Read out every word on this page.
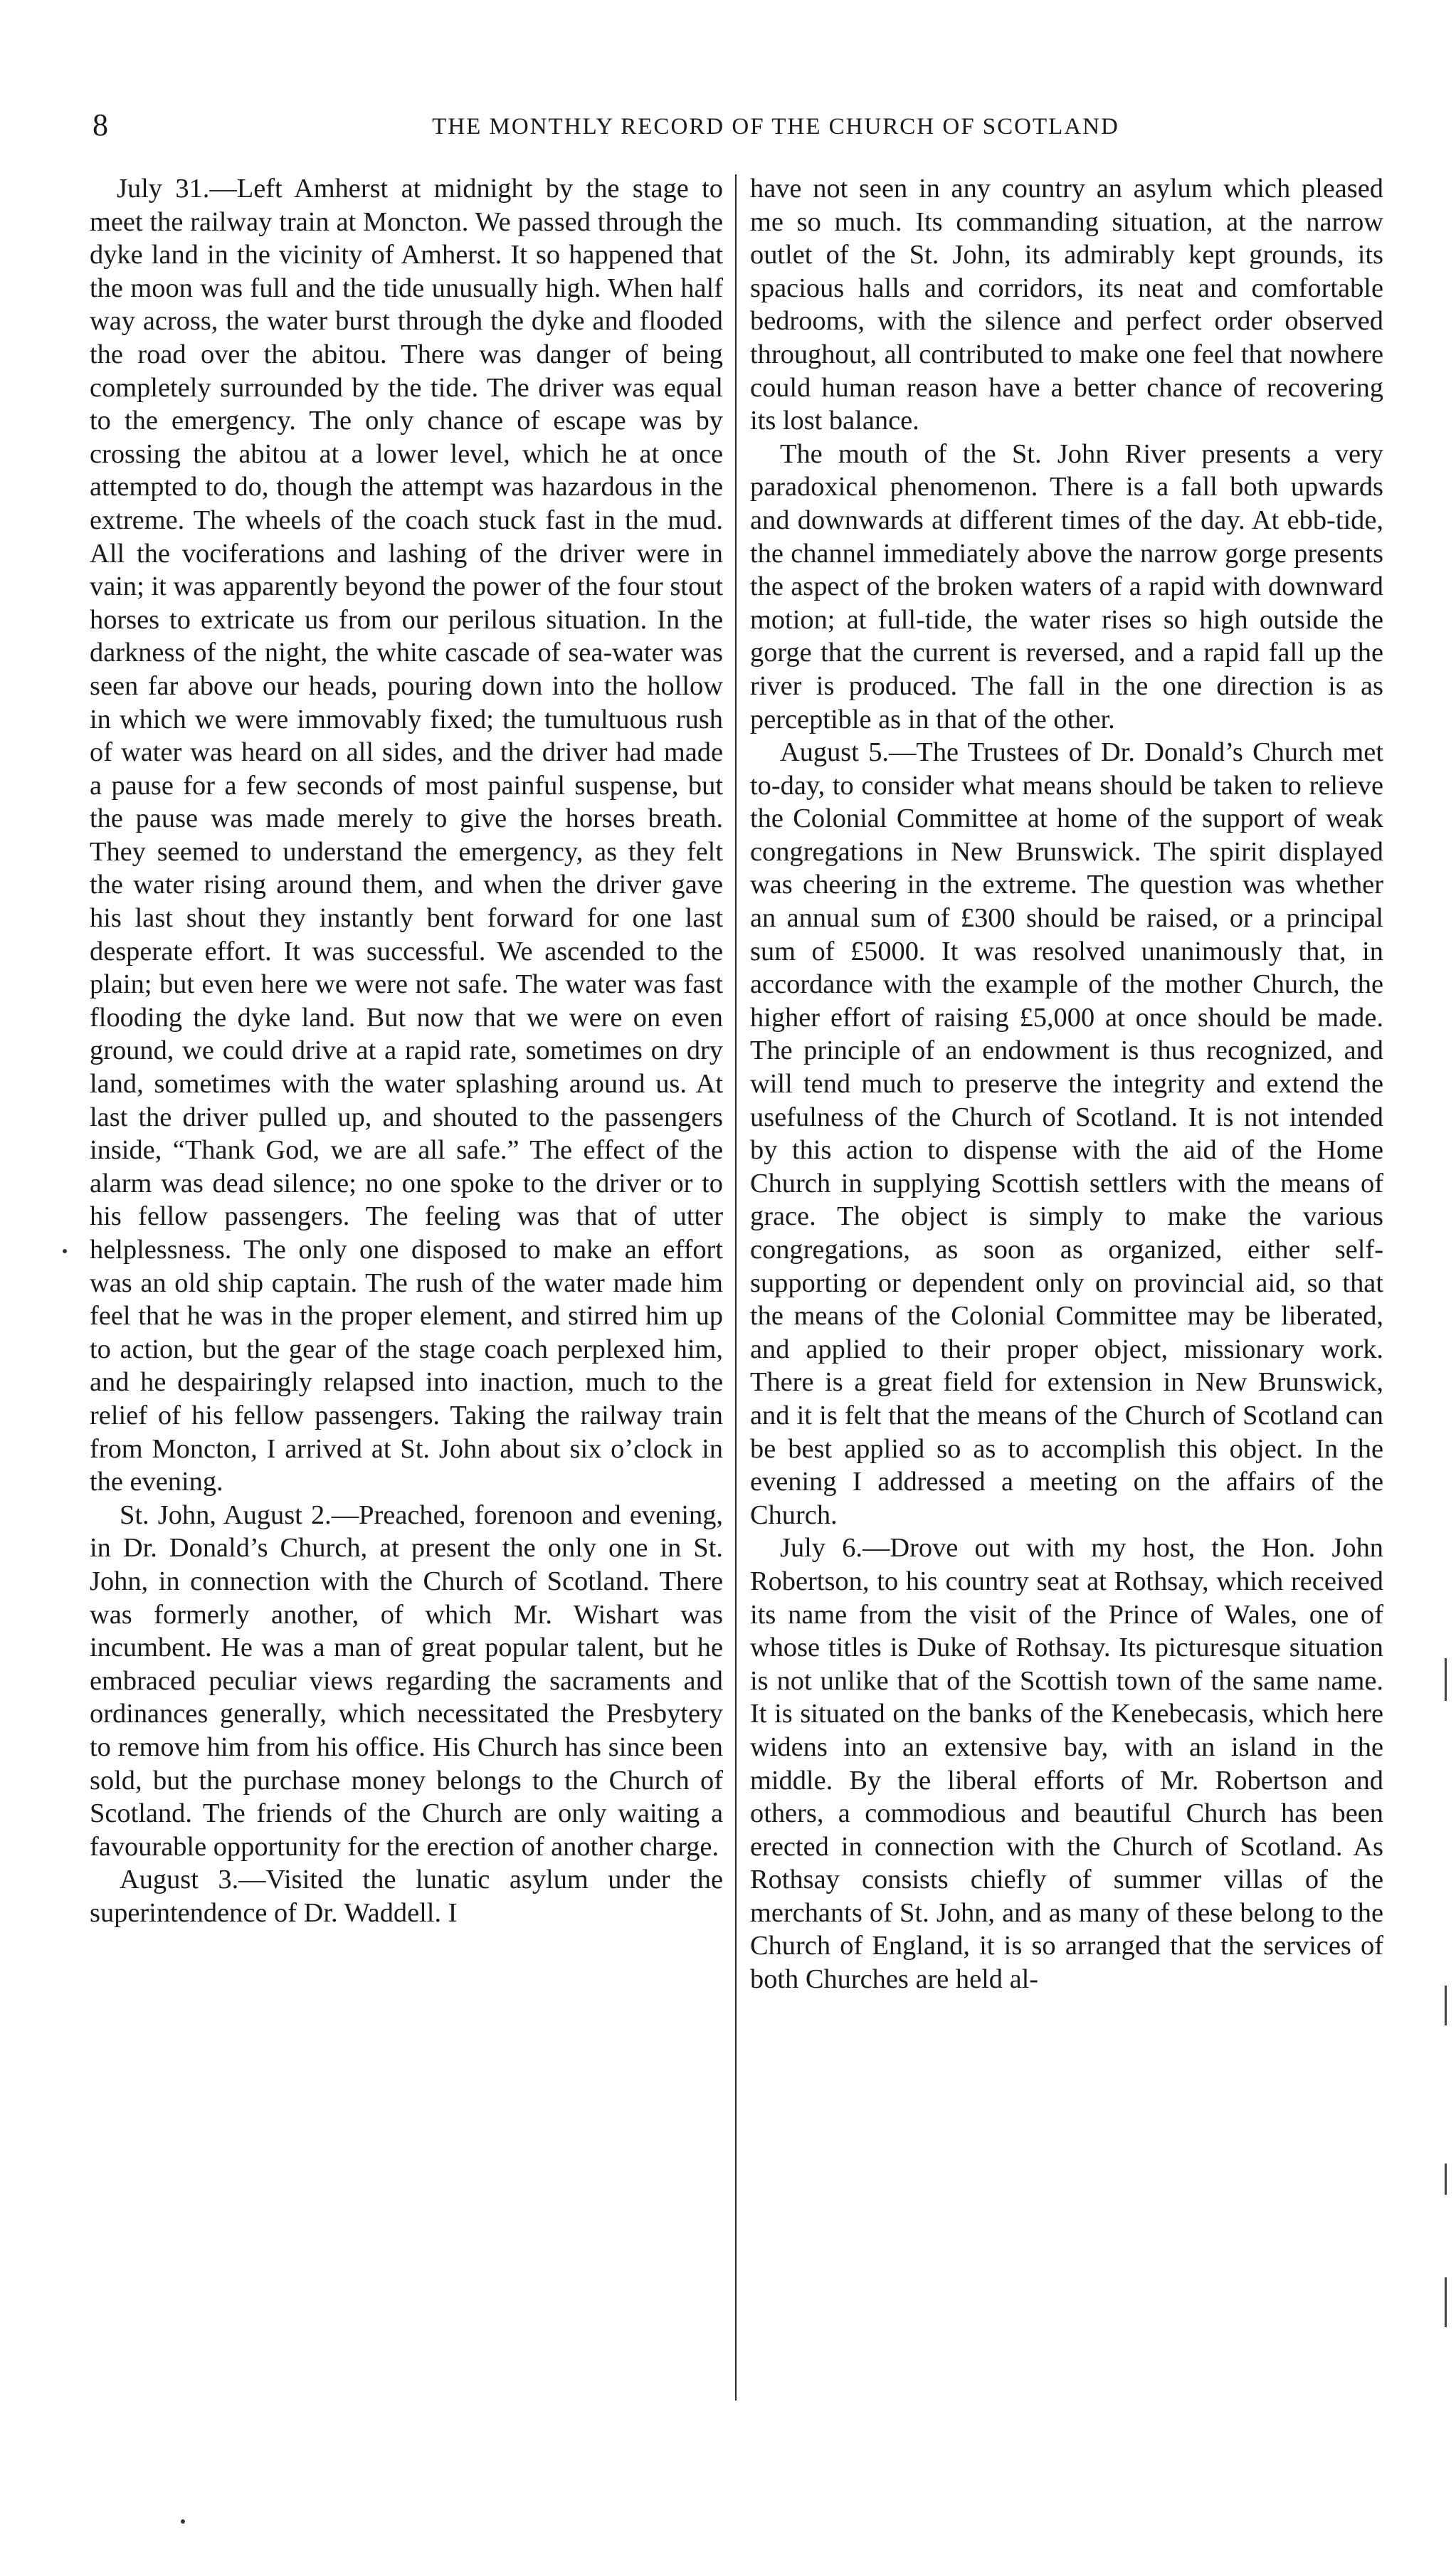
8	THE MONTHLY RECORD OF THE CHURCH OF SCOTLAND

July 31.—Left Amherst at midnight by the stage to meet the railway train at Moncton. We passed through the dyke land in the vicinity of Amherst. It so happened that the moon was full and the tide unusually high. When half way across, the water burst through the dyke and flooded the road over the abitou. There was danger of being completely surrounded by the tide. The driver was equal to the emergency. The only chance of escape was by crossing the abitou at a lower level, which he at once attempted to do, though the attempt was hazardous in the extreme. The wheels of the coach stuck fast in the mud. All the vociferations and lashing of the driver were in vain; it was apparently beyond the power of the four stout horses to extricate us from our perilous situation. In the darkness of the night, the white cascade of sea-water was seen far above our heads, pouring down into the hollow in which we were immovably fixed; the tumultuous rush of water was heard on all sides, and the driver had made a pause for a few seconds of most painful suspense, but the pause was made merely to give the horses breath. They seemed to understand the emergency, as they felt the water rising around them, and when the driver gave his last shout they instantly bent forward for one last desperate effort. It was successful. We ascended to the plain; but even here we were not safe. The water was fast flooding the dyke land. But now that we were on even ground, we could drive at a rapid rate, sometimes on dry land, sometimes with the water splashing around us. At last the driver pulled up, and shouted to the passengers inside, “Thank God, we are all safe.” The effect of the alarm was dead silence; no one spoke to the driver or to his fellow passengers. The feeling was that of utter helplessness. The only one disposed to make an effort was an old ship captain. The rush of the water made him feel that he was in the proper element, and stirred him up to action, but the gear of the stage coach perplexed him, and he despairingly relapsed into inaction, much to the relief of his fellow passengers. Taking the railway train from Moncton, I arrived at St. John about six o’clock in the evening.

St. John, August 2.—Preached, forenoon and evening, in Dr. Donald’s Church, at present the only one in St. John, in connection with the Church of Scotland. There was formerly another, of which Mr. Wishart was incumbent. He was a man of great popular talent, but he embraced peculiar views regarding the sacraments and ordinances generally, which necessitated the Presbytery to remove him from his office. His Church has since been sold, but the purchase money belongs to the Church of Scotland. The friends of the Church are only waiting a favourable opportunity for the erection of another charge.

August 3.—Visited the lunatic asylum under the superintendence of Dr. Waddell. I

have not seen in any country an asylum which pleased me so much. Its commanding situation, at the narrow outlet of the St. John, its admirably kept grounds, its spacious halls and corridors, its neat and comfortable bedrooms, with the silence and perfect order observed throughout, all contributed to make one feel that nowhere could human reason have a better chance of recovering its lost balance.

The mouth of the St. John River presents a very paradoxical phenomenon. There is a fall both upwards and downwards at different times of the day. At ebb-tide, the channel immediately above the narrow gorge presents the aspect of the broken waters of a rapid with downward motion; at full-tide, the water rises so high outside the gorge that the current is reversed, and a rapid fall up the river is produced. The fall in the one direction is as perceptible as in that of the other.

August 5.—The Trustees of Dr. Donald’s Church met to-day, to consider what means should be taken to relieve the Colonial Committee at home of the support of weak congregations in New Brunswick. The spirit displayed was cheering in the extreme. The question was whether an annual sum of £300 should be raised, or a principal sum of £5000. It was resolved unanimously that, in accordance with the example of the mother Church, the higher effort of raising £5,000 at once should be made. The principle of an endowment is thus recognized, and will tend much to preserve the integrity and extend the usefulness of the Church of Scotland. It is not intended by this action to dispense with the aid of the Home Church in supplying Scottish settlers with the means of grace. The object is simply to make the various congregations, as soon as organized, either self-supporting or dependent only on provincial aid, so that the means of the Colonial Committee may be liberated, and applied to their proper object, missionary work. There is a great field for extension in New Brunswick, and it is felt that the means of the Church of Scotland can be best applied so as to accomplish this object. In the evening I addressed a meeting on the affairs of the Church.

July 6.—Drove out with my host, the Hon. John Robertson, to his country seat at Rothsay, which received its name from the visit of the Prince of Wales, one of whose titles is Duke of Rothsay. Its picturesque situation is not unlike that of the Scottish town of the same name. It is situated on the banks of the Kenebecasis, which here widens into an extensive bay, with an island in the middle. By the liberal efforts of Mr. Robertson and others, a commodious and beautiful Church has been erected in connection with the Church of Scotland. As Rothsay consists chiefly of summer villas of the merchants of St. John, and as many of these belong to the Church of England, it is so arranged that the services of both Churches are held al-
